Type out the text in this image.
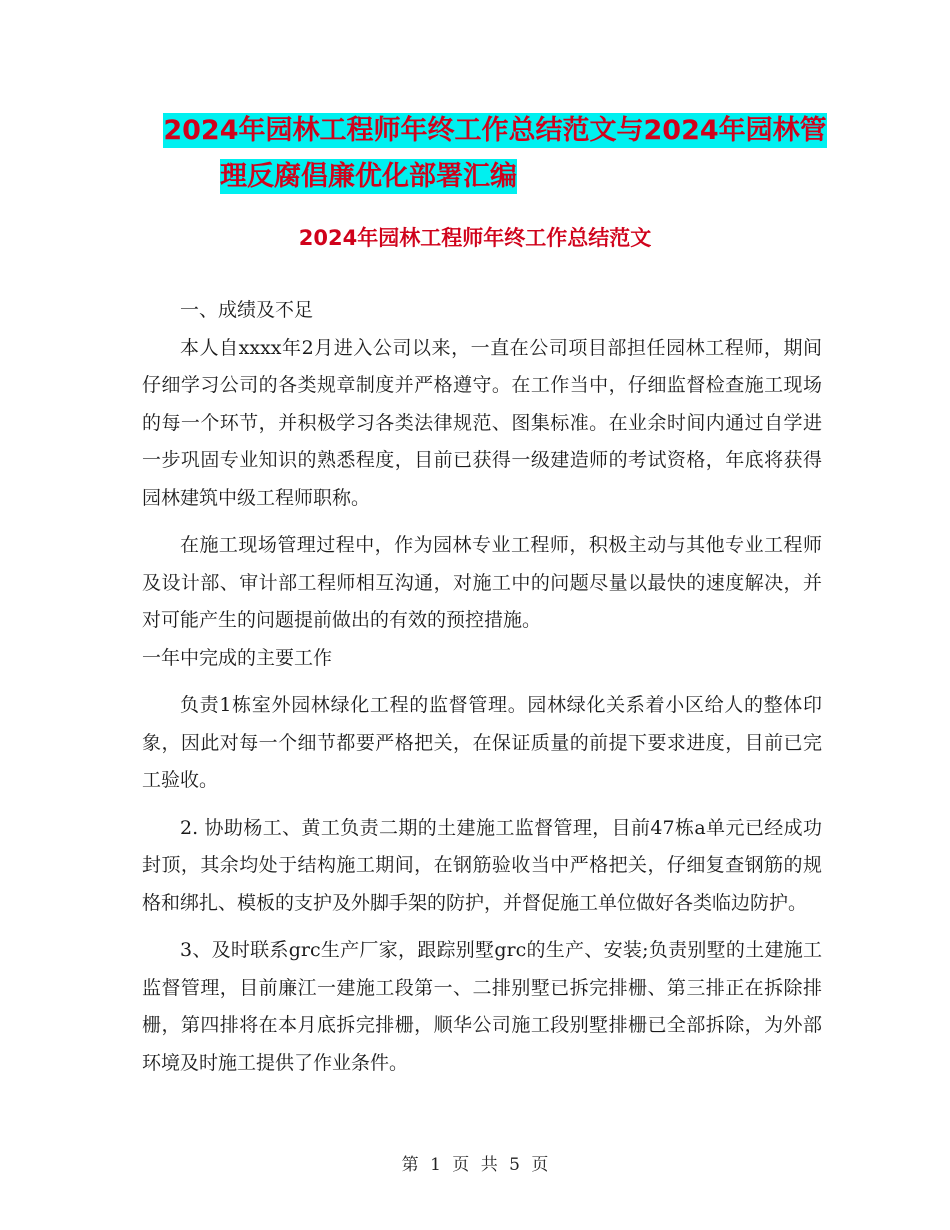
2024年园林工程师年终工作总结范文与2024年园林管
理反腐倡廉优化部署汇编
2024年园林工程师年终工作总结范文

一、成绩及不足

本人自xxxx年2月进入公司以来，一直在公司项目部担任园林工程师，期间仔细学习公司的各类规章制度并严格遵守。在工作当中，仔细监督检查施工现场的每一个环节，并积极学习各类法律规范、图集标准。在业余时间内通过自学进一步巩固专业知识的熟悉程度，目前已获得一级建造师的考试资格，年底将获得园林建筑中级工程师职称。

在施工现场管理过程中，作为园林专业工程师，积极主动与其他专业工程师及设计部、审计部工程师相互沟通，对施工中的问题尽量以最快的速度解决，并对可能产生的问题提前做出的有效的预控措施。

一年中完成的主要工作

负责1栋室外园林绿化工程的监督管理。园林绿化关系着小区给人的整体印象，因此对每一个细节都要严格把关，在保证质量的前提下要求进度，目前已完工验收。

2. 协助杨工、黄工负责二期的土建施工监督管理，目前47栋a单元已经成功封顶，其余均处于结构施工期间，在钢筋验收当中严格把关，仔细复查钢筋的规格和绑扎、模板的支护及外脚手架的防护，并督促施工单位做好各类临边防护。

3、及时联系grc生产厂家，跟踪别墅grc的生产、安装;负责别墅的土建施工监督管理，目前廉江一建施工段第一、二排别墅已拆完排栅、第三排正在拆除排栅，第四排将在本月底拆完排栅，顺华公司施工段别墅排栅已全部拆除，为外部环境及时施工提供了作业条件。

第 1 页 共 5 页
